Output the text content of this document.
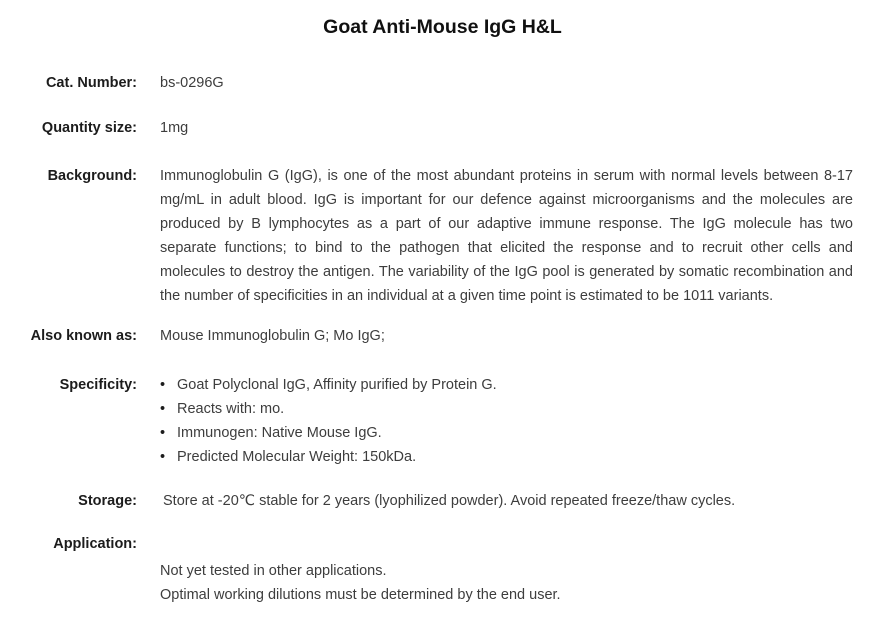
Goat Anti-Mouse IgG H&L
Cat. Number: bs-0296G
Quantity size: 1mg
Background: Immunoglobulin G (IgG), is one of the most abundant proteins in serum with normal levels between 8-17 mg/mL in adult blood. IgG is important for our defence against microorganisms and the molecules are produced by B lymphocytes as a part of our adaptive immune response. The IgG molecule has two separate functions; to bind to the pathogen that elicited the response and to recruit other cells and molecules to destroy the antigen. The variability of the IgG pool is generated by somatic recombination and the number of specificities in an individual at a given time point is estimated to be 1011 variants.
Also known as: Mouse Immunoglobulin G; Mo IgG;
Specificity: • Goat Polyclonal IgG, Affinity purified by Protein G.
• Reacts with: mo.
• Immunogen: Native Mouse IgG.
• Predicted Molecular Weight: 150kDa.
Storage: Store at -20℃ stable for 2 years (lyophilized powder). Avoid repeated freeze/thaw cycles.
Application:
Not yet tested in other applications.
Optimal working dilutions must be determined by the end user.
